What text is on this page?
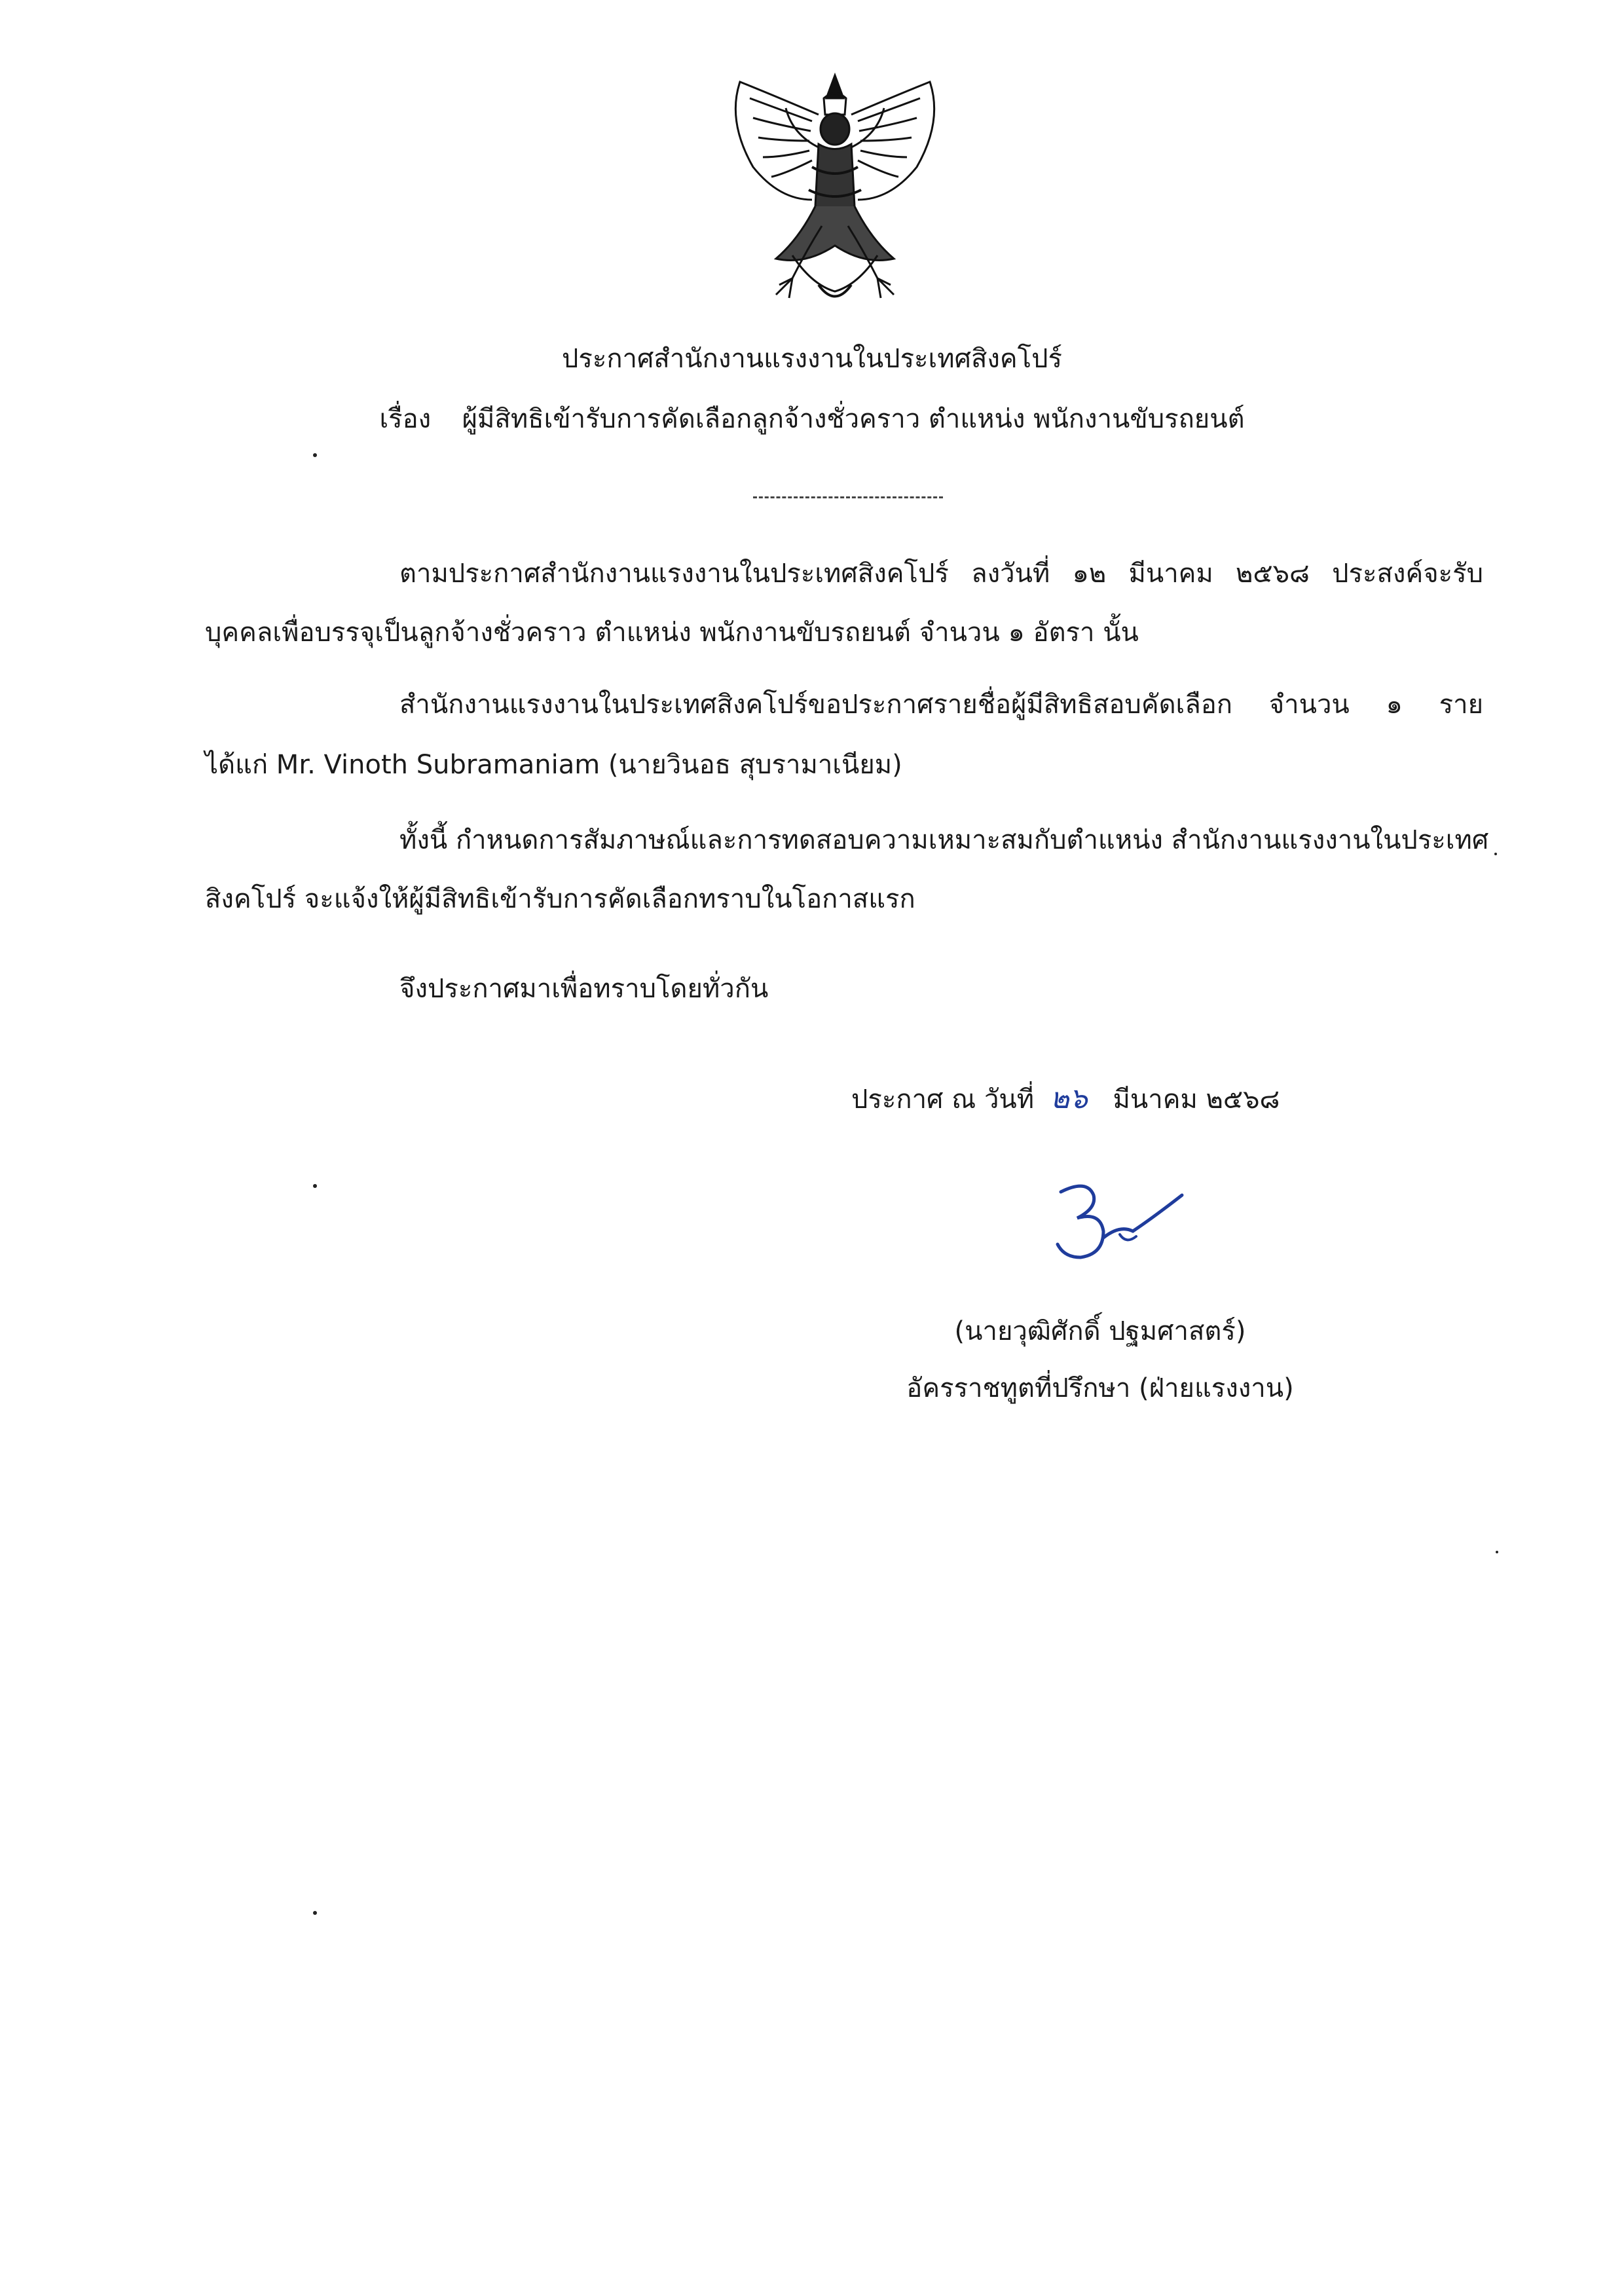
ประกาศสำนักงานแรงงานในประเทศสิงคโปร์
เรื่อง ผู้มีสิทธิเข้ารับการคัดเลือกลูกจ้างชั่วคราว ตำแหน่ง พนักงานขับรถยนต์
ตามประกาศสำนักงานแรงงานในประเทศสิงคโปร์ ลงวันที่ ๑๒ มีนาคม ๒๕๖๘ ประสงค์จะรับ
บุคคลเพื่อบรรจุเป็นลูกจ้างชั่วคราว ตำแหน่ง พนักงานขับรถยนต์ จำนวน ๑ อัตรา นั้น
สำนักงานแรงงานในประเทศสิงคโปร์ขอประกาศรายชื่อผู้มีสิทธิสอบคัดเลือก จำนวน ๑ ราย
ได้แก่ Mr. Vinoth Subramaniam (นายวินอธ สุบรามาเนียม)
ทั้งนี้ กำหนดการสัมภาษณ์และการทดสอบความเหมาะสมกับตำแหน่ง สำนักงานแรงงานในประเทศ
สิงคโปร์ จะแจ้งให้ผู้มีสิทธิเข้ารับการคัดเลือกทราบในโอกาสแรก
จึงประกาศมาเพื่อทราบโดยทั่วกัน
ประกาศ ณ วันที่ ๒๖ มีนาคม ๒๕๖๘
(นายวุฒิศักดิ์ ปฐมศาสตร์)
อัครราชทูตที่ปรึกษา (ฝ่ายแรงงาน)
